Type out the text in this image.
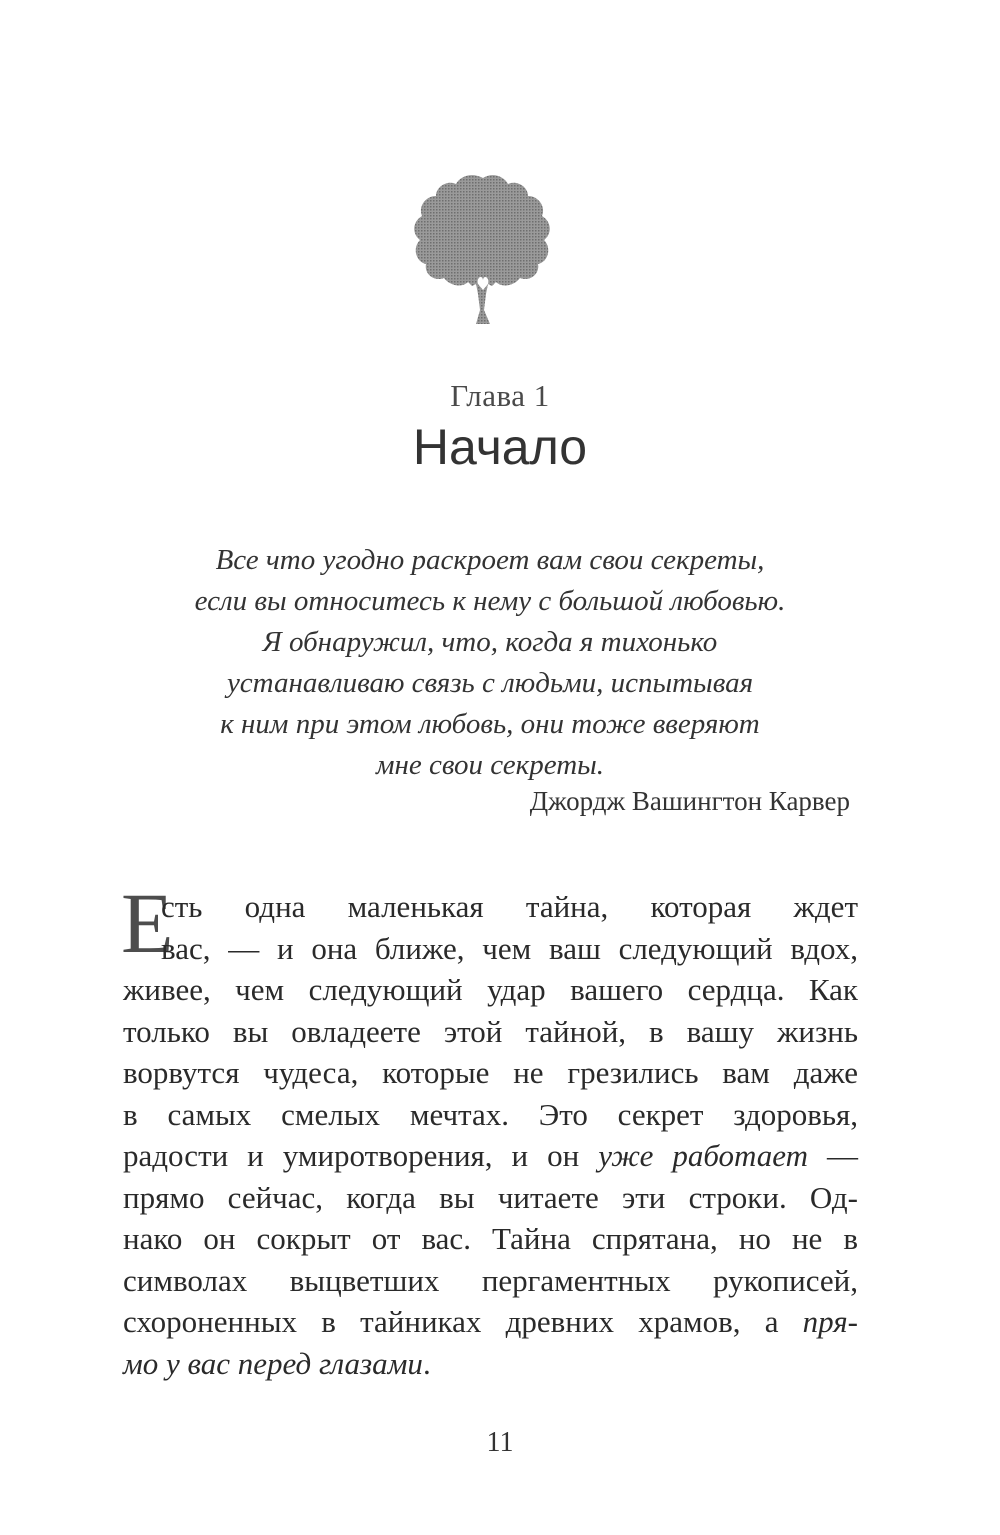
Глава 1
Начало
Все что угодно раскроет вам свои секреты,
если вы относитесь к нему с большой любовью.
Я обнаружил, что, когда я тихонько
устанавливаю связь с людьми, испытывая
к ним при этом любовь, они тоже вверяют
мне свои секреты.
Джордж Вашингтон Карвер
Е
сть одна маленькая тайна, которая ждет
вас, — и она ближе, чем ваш следующий вдох,
живее, чем следующий удар вашего сердца. Как
только вы овладеете этой тайной, в вашу жизнь
ворвутся чудеса, которые не грезились вам даже
в самых смелых мечтах. Это секрет здоровья,
радости и умиротворения, и он уже работает —
прямо сейчас, когда вы читаете эти строки. Од-
нако он сокрыт от вас. Тайна спрятана, но не в
символах выцветших пергаментных рукописей,
схороненных в тайниках древних храмов, а пря-
мо у вас перед глазами.
11
